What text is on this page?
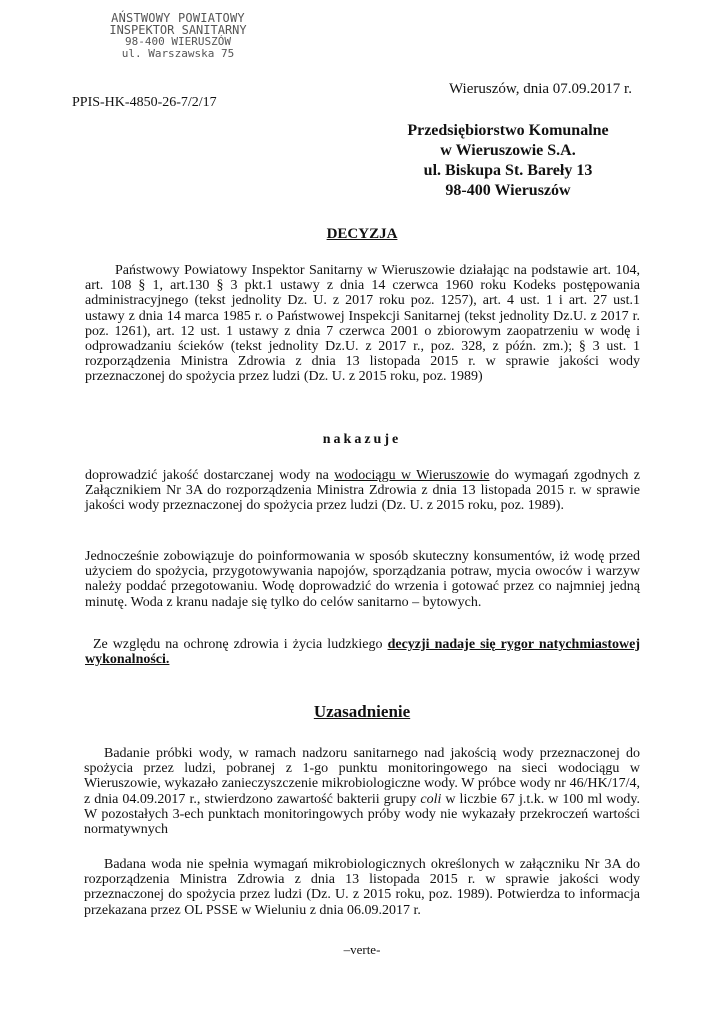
AŃSTWOWY POWIATOWY
INSPEKTOR SANITARNY
98-400 WIERUSZÓW
ul. Warszawska 75
Wieruszów, dnia 07.09.2017 r.
PPIS-HK-4850-26-7/2/17
Przedsiębiorstwo Komunalne
w Wieruszowie S.A.
ul. Biskupa St. Barełу 13
98-400 Wieruszów
DECYZJA

Państwowy Powiatowy Inspektor Sanitarny w Wieruszowie działając na podstawie art. 104, art. 108 § 1, art.130 § 3 pkt.1 ustawy z dnia 14 czerwca 1960 roku Kodeks postępowania administracyjnego (tekst jednolity Dz. U. z 2017 roku poz. 1257), art. 4 ust. 1 i art. 27 ust.1 ustawy z dnia 14 marca 1985 r. o Państwowej Inspekcji Sanitarnej (tekst jednolity Dz.U. z 2017 r. poz. 1261), art. 12 ust. 1 ustawy z dnia 7 czerwca 2001 o zbiorowym zaopatrzeniu w wodę i odprowadzaniu ścieków (tekst jednolity Dz.U. z 2017 r., poz. 328, z późn. zm.); § 3 ust. 1 rozporządzenia Ministra Zdrowia z dnia 13 listopada 2015 r. w sprawie jakości wody przeznaczonej do spożycia przez ludzi (Dz. U. z 2015 roku, poz. 1989)

nakazuje

doprowadzić jakość dostarczanej wody na wodociągu w Wieruszowie do wymagań zgodnych z Załącznikiem Nr 3A do rozporządzenia Ministra Zdrowia z dnia 13 listopada 2015 r. w sprawie jakości wody przeznaczonej do spożycia przez ludzi (Dz. U. z 2015 roku, poz. 1989).

Jednocześnie zobowiązuje do poinformowania w sposób skuteczny konsumentów, iż wodę przed użyciem do spożycia, przygotowywania napojów, sporządzania potraw, mycia owoców i warzyw należy poddać przegotowaniu. Wodę doprowadzić do wrzenia i gotować przez co najmniej jedną minutę. Woda z kranu nadaje się tylko do celów sanitarno – bytowych.

Ze względu na ochronę zdrowia i życia ludzkiego decyzji nadaje się rygor natychmiastowej wykonalności.

Uzasadnienie

Badanie próbki wody, w ramach nadzoru sanitarnego nad jakością wody przeznaczonej do spożycia przez ludzi, pobranej z 1-go punktu monitoringowego na sieci wodociągu w Wieruszowie, wykazało zanieczyszczenie mikrobiologiczne wody. W próbce wody nr 46/HK/17/4, z dnia 04.09.2017 r., stwierdzono zawartość bakterii grupy coli w liczbie 67 j.t.k. w 100 ml wody. W pozostałych 3-ech punktach monitoringowych próby wody nie wykazały przekroczeń wartości normatywnych

Badana woda nie spełnia wymagań mikrobiologicznych określonych w załączniku Nr 3A do rozporządzenia Ministra Zdrowia z dnia 13 listopada 2015 r. w sprawie jakości wody przeznaczonej do spożycia przez ludzi (Dz. U. z 2015 roku, poz. 1989). Potwierdza to informacja przekazana przez OL PSSE w Wieluniu z dnia 06.09.2017 r.

–verte-
